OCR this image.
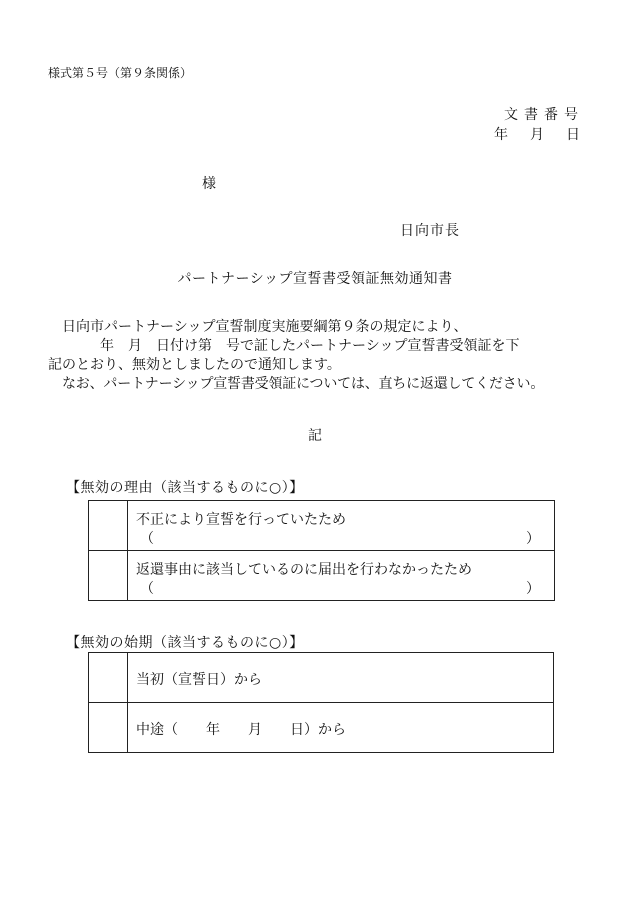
様式第５号（第９条関係）
文書番号
年　月　日
様
日向市長
パートナーシップ宣誓書受領証無効通知書
日向市パートナーシップ宣誓制度実施要綱第９条の規定により、
年　月　日付け第　号で証したパートナーシップ宣誓書受領証を下
記のとおり、無効としましたので通知します。
なお、パートナーシップ宣誓書受領証については、直ちに返還してください。
記
【無効の理由（該当するものに○）】

	不正により宣誓を行っていたため
（ ）

	返還事由に該当しているのに届出を行わなかったため
（ ）
【無効の始期（該当するものに○）】

	当初（宣誓日）から

	中途（　　年　　月　　日）から
